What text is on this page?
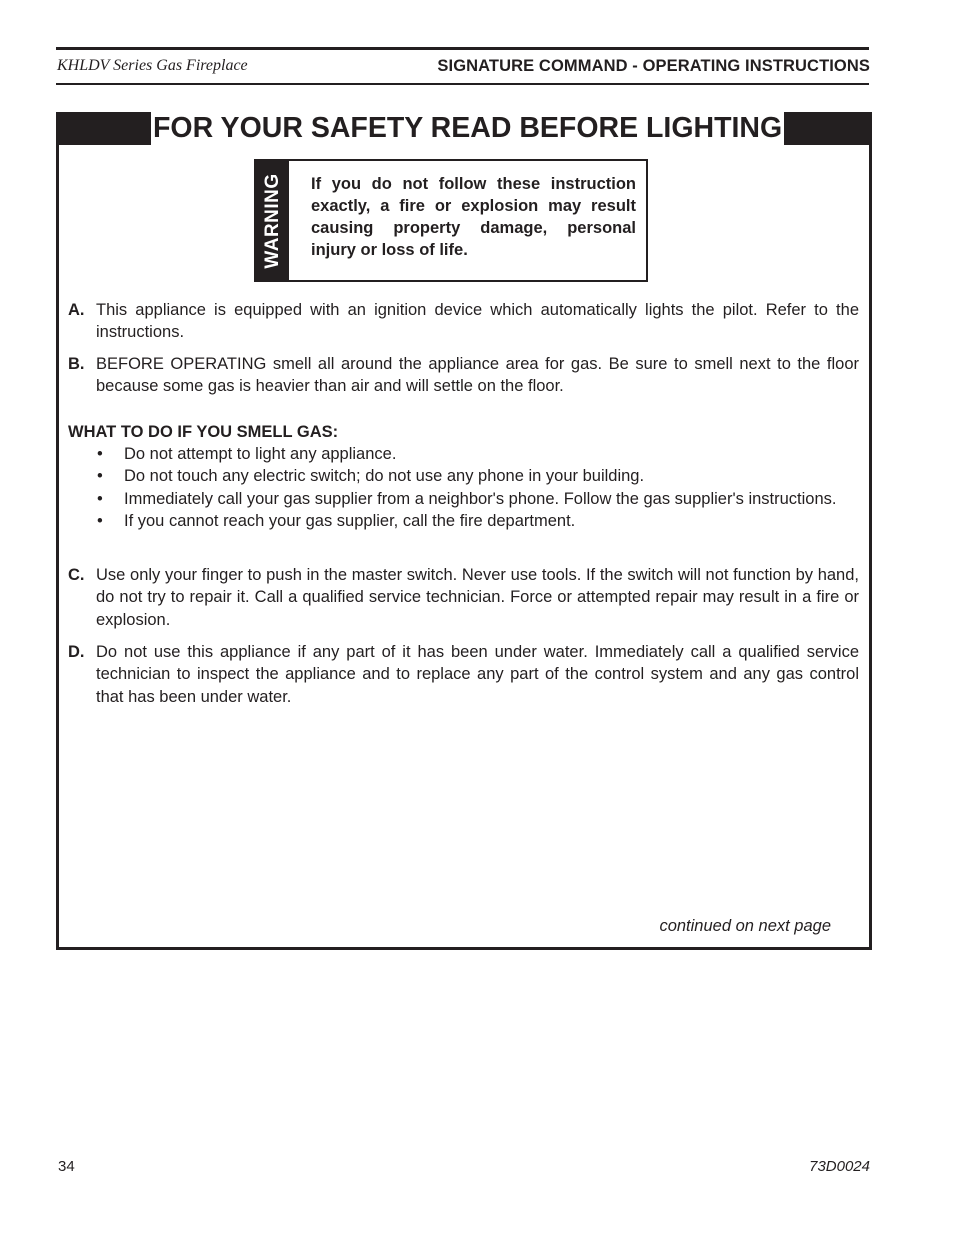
KHLDV Series Gas Fireplace	SIGNATURE COMMAND - OPERATING INSTRUCTIONS
FOR YOUR SAFETY READ BEFORE LIGHTING
WARNING If you do not follow these instruction exactly, a fire or explosion may result causing property damage, personal injury or loss of life.
A. This appliance is equipped with an ignition device which automatically lights the pilot. Refer to the instructions.
B. BEFORE OPERATING smell all around the appliance area for gas. Be sure to smell next to the floor because some gas is heavier than air and will settle on the floor.
WHAT TO DO IF YOU SMELL GAS:
• Do not attempt to light any appliance.
• Do not touch any electric switch; do not use any phone in your building.
• Immediately call your gas supplier from a neighbor's phone. Follow the gas supplier's instructions.
• If you cannot reach your gas supplier, call the fire department.
C. Use only your finger to push in the master switch. Never use tools. If the switch will not function by hand, do not try to repair it. Call a qualified service technician. Force or attempted repair may result in a fire or explosion.
D. Do not use this appliance if any part of it has been under water. Immediately call a qualified service technician to inspect the appliance and to replace any part of the control system and any gas control that has been under water.
continued on next page
34	73D0024
